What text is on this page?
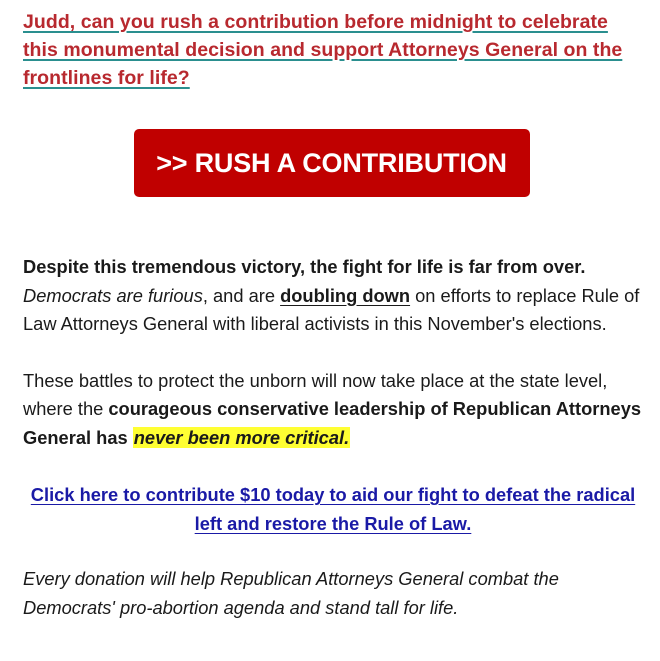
Judd, can you rush a contribution before midnight to celebrate this monumental decision and support Attorneys General on the frontlines for life?
>> RUSH A CONTRIBUTION

Despite this tremendous victory, the fight for life is far from over. Democrats are furious, and are doubling down on efforts to replace Rule of Law Attorneys General with liberal activists in this November's elections.

These battles to protect the unborn will now take place at the state level, where the courageous conservative leadership of Republican Attorneys General has never been more critical.

Click here to contribute $10 today to aid our fight to defeat the radical left and restore the Rule of Law.

Every donation will help Republican Attorneys General combat the Democrats' pro-abortion agenda and stand tall for life.
